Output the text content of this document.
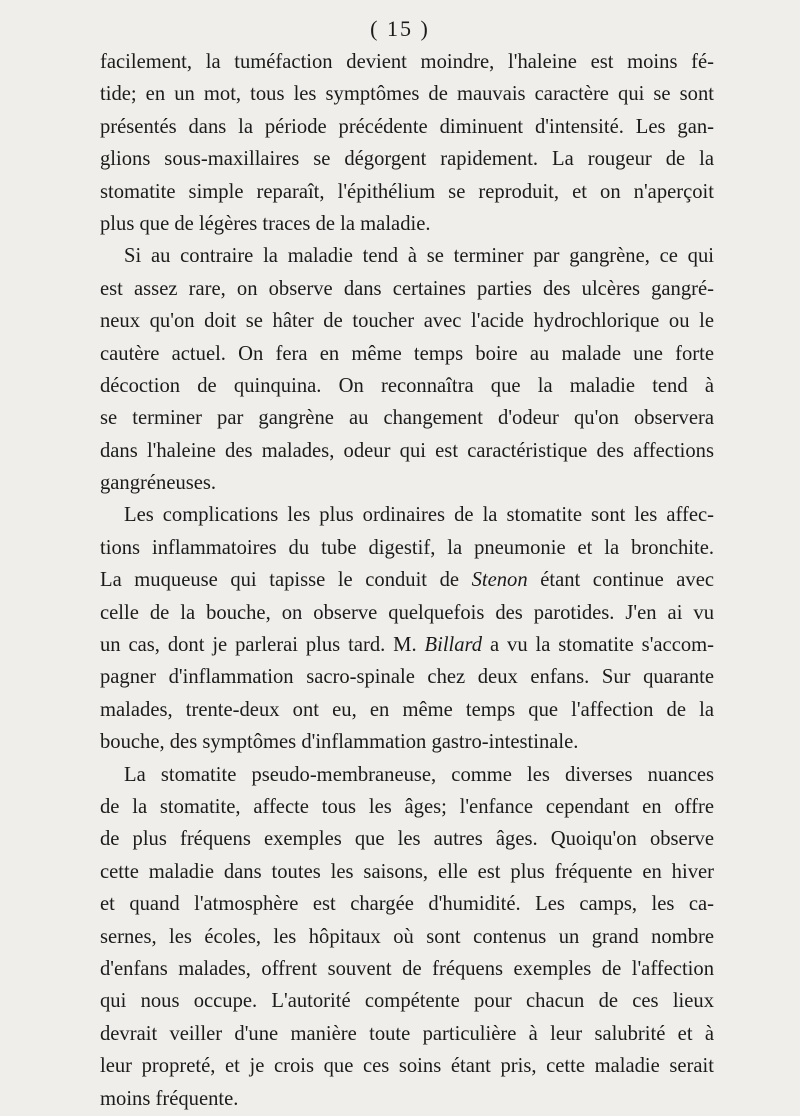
( 15 )
facilement, la tuméfaction devient moindre, l'haleine est moins fé-
tide; en un mot, tous les symptômes de mauvais caractère qui se sont
présentés dans la période précédente diminuent d'intensité. Les gan-
glions sous-maxillaires se dégorgent rapidement. La rougeur de la
stomatite simple reparaît, l'épithélium se reproduit, et on n'aperçoit
plus que de légères traces de la maladie.
Si au contraire la maladie tend à se terminer par gangrène, ce qui
est assez rare, on observe dans certaines parties des ulcères gangré-
neux qu'on doit se hâter de toucher avec l'acide hydrochlorique ou le
cautère actuel. On fera en même temps boire au malade une forte
décoction de quinquina. On reconnaîtra que la maladie tend à
se terminer par gangrène au changement d'odeur qu'on observera
dans l'haleine des malades, odeur qui est caractéristique des affections
gangréneuses.
Les complications les plus ordinaires de la stomatite sont les affec-
tions inflammatoires du tube digestif, la pneumonie et la bronchite.
La muqueuse qui tapisse le conduit de Stenon étant continue avec
celle de la bouche, on observe quelquefois des parotides. J'en ai vu
un cas, dont je parlerai plus tard. M. Billard a vu la stomatite s'accom-
pagner d'inflammation sacro-spinale chez deux enfans. Sur quarante
malades, trente-deux ont eu, en même temps que l'affection de la
bouche, des symptômes d'inflammation gastro-intestinale.
La stomatite pseudo-membraneuse, comme les diverses nuances
de la stomatite, affecte tous les âges; l'enfance cependant en offre
de plus fréquens exemples que les autres âges. Quoiqu'on observe
cette maladie dans toutes les saisons, elle est plus fréquente en hiver
et quand l'atmosphère est chargée d'humidité. Les camps, les ca-
sernes, les écoles, les hôpitaux où sont contenus un grand nombre
d'enfans malades, offrent souvent de fréquens exemples de l'affection
qui nous occupe. L'autorité compétente pour chacun de ces lieux
devrait veiller d'une manière toute particulière à leur salubrité et à
leur propreté, et je crois que ces soins étant pris, cette maladie serait
moins fréquente.
